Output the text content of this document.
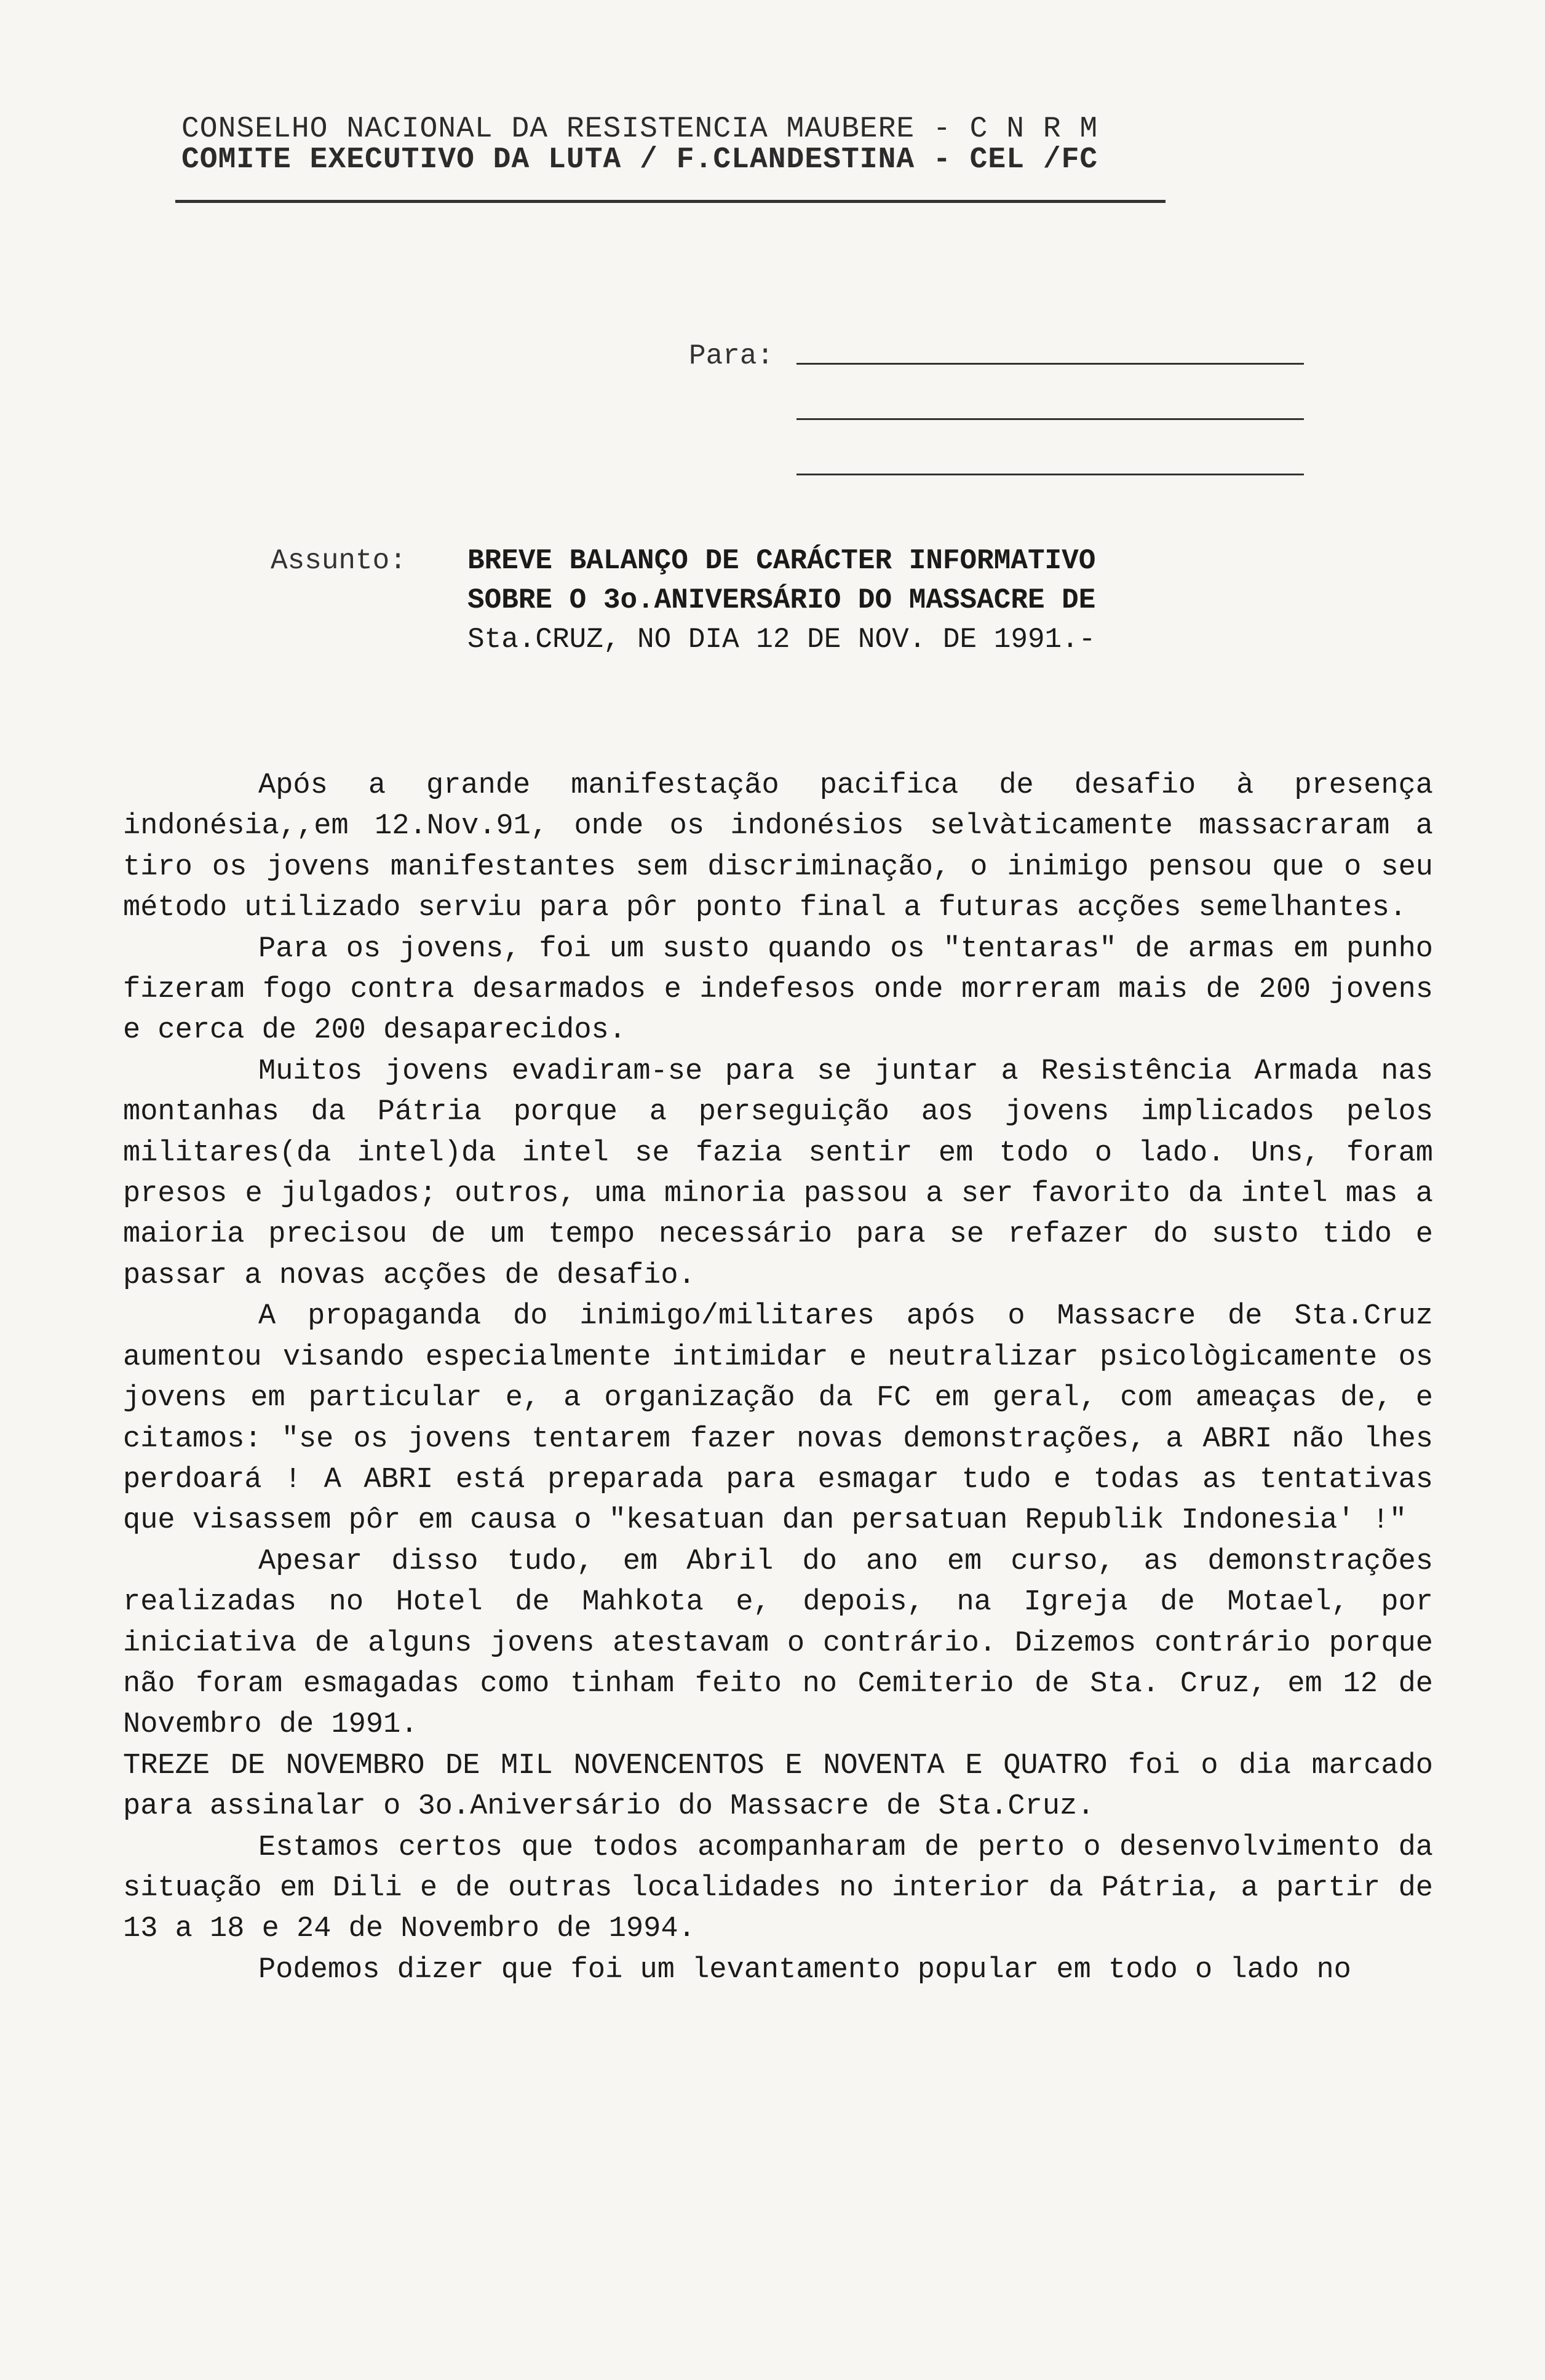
CONSELHO NACIONAL DA RESISTENCIA MAUBERE - C N R M
COMITE EXECUTIVO DA LUTA / F.CLANDESTINA - CEL /FC
Para:
Assunto:	BREVE BALANÇO DE CARÁCTER INFORMATIVO
SOBRE O 3o.ANIVERSÁRIO DO MASSACRE DE
Sta.CRUZ, NO DIA 12 DE NOV. DE 1991.-

Após a grande manifestação pacifica de desafio à presença indonésia,,em 12.Nov.91, onde os indonésios selvàticamente massacraram a tiro os jovens manifestantes sem discriminação, o inimigo pensou que o seu método utilizado serviu para pôr ponto final a futuras acções semelhantes.

Para os jovens, foi um susto quando os "tentaras" de armas em punho fizeram fogo contra desarmados e indefesos onde morreram mais de 200 jovens e cerca de 200 desaparecidos.

Muitos jovens evadiram-se para se juntar a Resistência Armada nas montanhas da Pátria porque a perseguição aos jovens implicados pelos militares(da intel)da intel se fazia sentir em todo o lado. Uns, foram presos e julgados; outros, uma minoria passou a ser favorito da intel mas a maioria precisou de um tempo necessário para se refazer do susto tido e passar a novas acções de desafio.

A propaganda do inimigo/militares após o Massacre de Sta.Cruz aumentou visando especialmente intimidar e neutralizar psicològicamente os jovens em particular e, a organização da FC em geral, com ameaças de, e citamos: "se os jovens tentarem fazer novas demonstrações, a ABRI não lhes perdoará ! A ABRI está preparada para esmagar tudo e todas as tentativas que visassem pôr em causa o "kesatuan dan persatuan Republik Indonesia' !"

Apesar disso tudo, em Abril do ano em curso, as demonstrações realizadas no Hotel de Mahkota e, depois, na Igreja de Motael, por iniciativa de alguns jovens atestavam o contrário. Dizemos contrário porque não foram esmagadas como tinham feito no Cemiterio de Sta. Cruz, em 12 de Novembro de 1991.

TREZE DE NOVEMBRO DE MIL NOVENCENTOS E NOVENTA E QUATRO foi o dia marcado para assinalar o 3o.Aniversário do Massacre de Sta.Cruz.

Estamos certos que todos acompanharam de perto o desenvolvimento da situação em Dili e de outras localidades no interior da Pátria, a partir de 13 a 18 e 24 de Novembro de 1994.

Podemos dizer que foi um levantamento popular em todo o lado no
